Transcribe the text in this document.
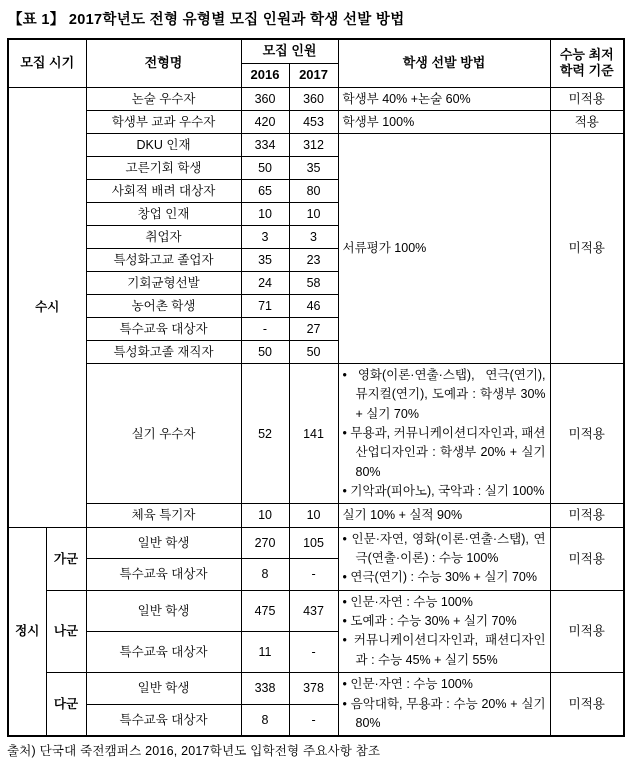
【표 1】 2017학년도 전형 유형별 모집 인원과 학생 선발 방법
모집 시기		전형명	모집 인원		학생 선발 방법	수능 최저 학력 기준
			2016	2017		
수시		논술 우수자	360	360	학생부 40% +논술 60%	미적용
		학생부 교과 우수자	420	453	학생부 100%	적용
		DKU 인재	334	312	서류평가 100%	미적용
		고른기회 학생	50	35		
		사회적 배려 대상자	65	80		
		창업 인재	10	10		
		취업자	3	3		
		특성화고교 졸업자	35	23		
		기회균형선발	24	58		
		농어촌 학생	71	46		
		특수교육 대상자	-	27		
		특성화고졸 재직자	50	50		
		실기 우수자	52	141	• 영화(이론·연출·스탭), 연극(연기), 뮤지컬(연기), 도예과 : 학생부 30% + 실기 70%
• 무용과, 커뮤니케이션디자인과, 패션산업디자인과 : 학생부 20% + 실기 80%
• 기악과(피아노), 국악과 : 실기 100%	미적용
		체육 특기자	10	10	실기 10% + 실적 90%	미적용
정시	가군	일반 학생	270	105	• 인문·자연, 영화(이론·연출·스탭), 연극(연출·이론) : 수능 100%
• 연극(연기) : 수능 30% + 실기 70%	미적용
		특수교육 대상자	8	-		
	나군	일반 학생	475	437	• 인문·자연 : 수능 100%
• 도예과 : 수능 30% + 실기 70%
• 커뮤니케이션디자인과, 패션디자인과 : 수능 45% + 실기 55%	미적용
		특수교육 대상자	11	-		
	다군	일반 학생	338	378	• 인문·자연 : 수능 100%
• 음악대학, 무용과 : 수능 20% + 실기 80%	미적용
		특수교육 대상자	8	-		
출처) 단국대 죽전캠퍼스 2016, 2017학년도 입학전형 주요사항 참조
